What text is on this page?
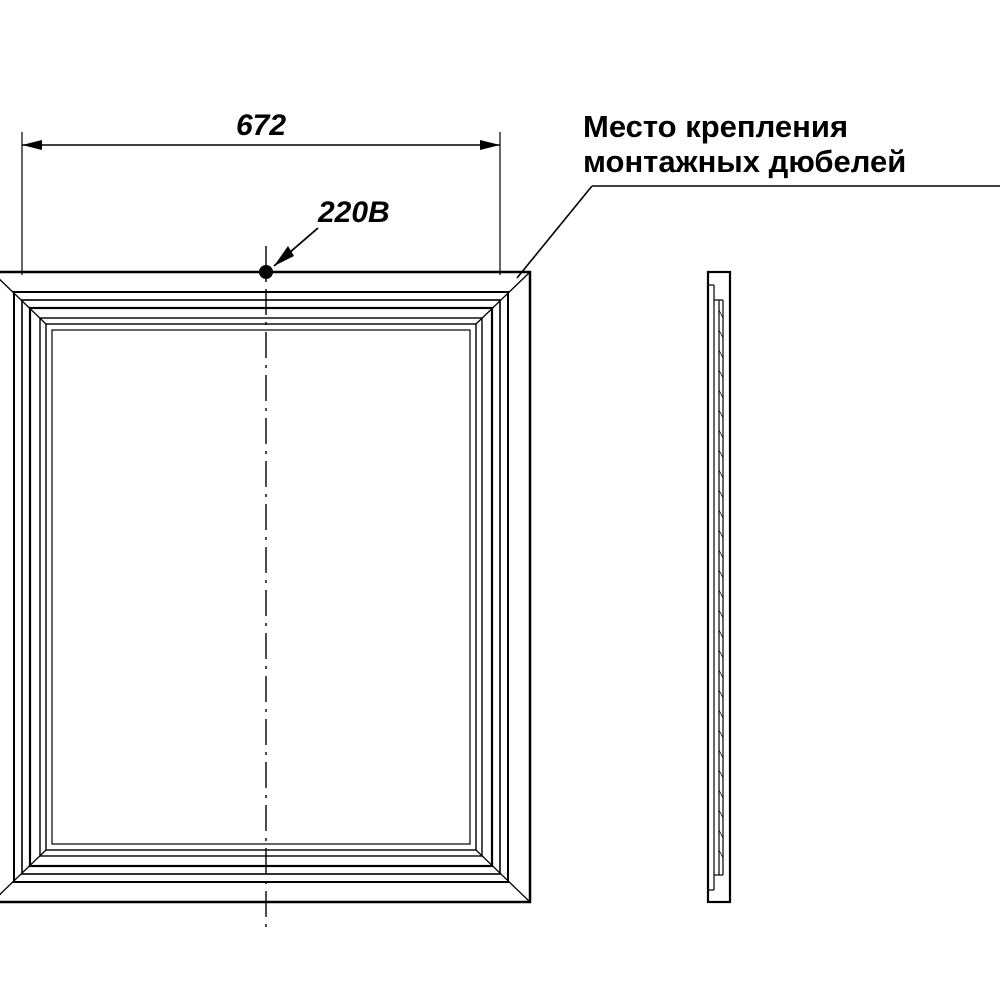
672
220В
Место крепления
монтажных дюбелей
